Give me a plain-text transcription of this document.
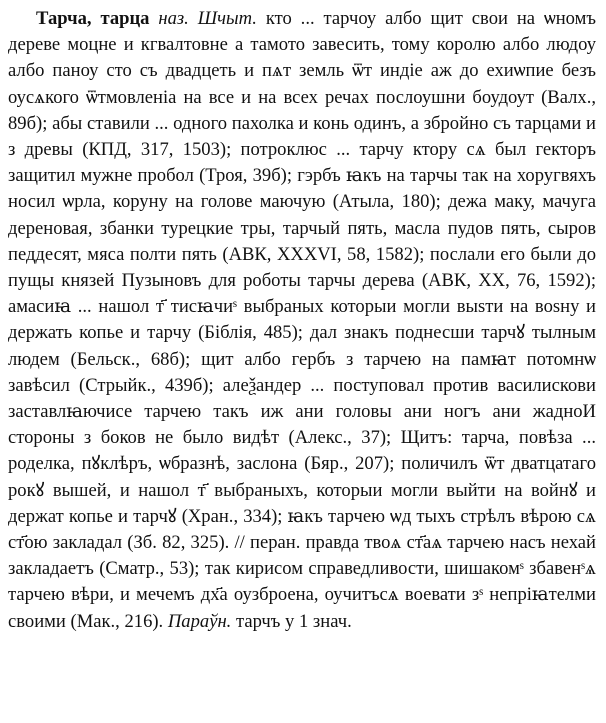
Тарча, тарца наз. Шчыт. кто ... тарчоу албо щит свои на ѡномъ дереве моцне и кгвалтовне а тамото завесить, тому королю албо людоу албо паноу сто съ двадцеть и пѧт земль ѿт индіе аж до ехиѡпие безъ оусѧкого ѿтмовленіа на все и на всех речах послоушни боудоут (Валх., 89б); абы ставили ... одного пахолка и конь одинъ, а збройно съ тарцами и з древы (КПД, 317, 1503); потроклюс ... тарчу ктору сѧ был гекторъ защитил мужне пробол (Троя, 39б); гэрбъ ꙗкъ на тарчы так на хоругвяхъ носил ѡрла, коруну на голове маючую (Атыла, 180); дежа маку, мачуга дереновая, збанки турецкие тры, тарчый пять, масла пудов пять, сыров педдесят, мяса полти пять (АВК, XXXVI, 58, 1582); послали его были до пущы князей Пузыновъ для роботы тарчы дерева (АВК, XX, 76, 1592); амасиꙗ ... нашол т҃ тисꙗчиˢ выбраных которыи могли выѕти на воѕну и держать копье и тарчу (Біблія, 485); дал знакъ поднесши тарчꙋ тылным людем (Бельск., 68б); щит албо гербъ з тарчею на памꙗт потомнѡ завѣсил (Стрыйк., 439б); алеѯандер ... поступовал против василискови заставлꙗючисе тарчею такъ иж ани головы ани ногъ ани жадноИ стороны з боков не было видѣт (Алекс., 37); Щитъ: тарча, повѣза ... роделка, пꙋклѣръ, ѡбразнѣ, заслона (Бяр., 207); поличилъ ѿт дватцатаго рокꙋ вышей, и нашол т҃ выбраныхъ, которыи могли выйти на войнꙋ и держат копье и тарчꙋ (Хран., 334); ꙗкъ тарчею ѡд тыхъ стрѣлъ вѣрою сѧ ст҃ою закладал (Зб. 82, 325). // перан. правда твоѧ ст҃аѧ тарчею насъ нехай закладаетъ (Сматр., 53); так кирисом справедливости, шишакомˢ збавенˢѧ тарчею вѣри, и мечемъ дх҃а оузброена, оучитъсѧ воевати зˢ непріꙗтелми своими (Мак., 216). Параўн. тарчъ у 1 знач.
